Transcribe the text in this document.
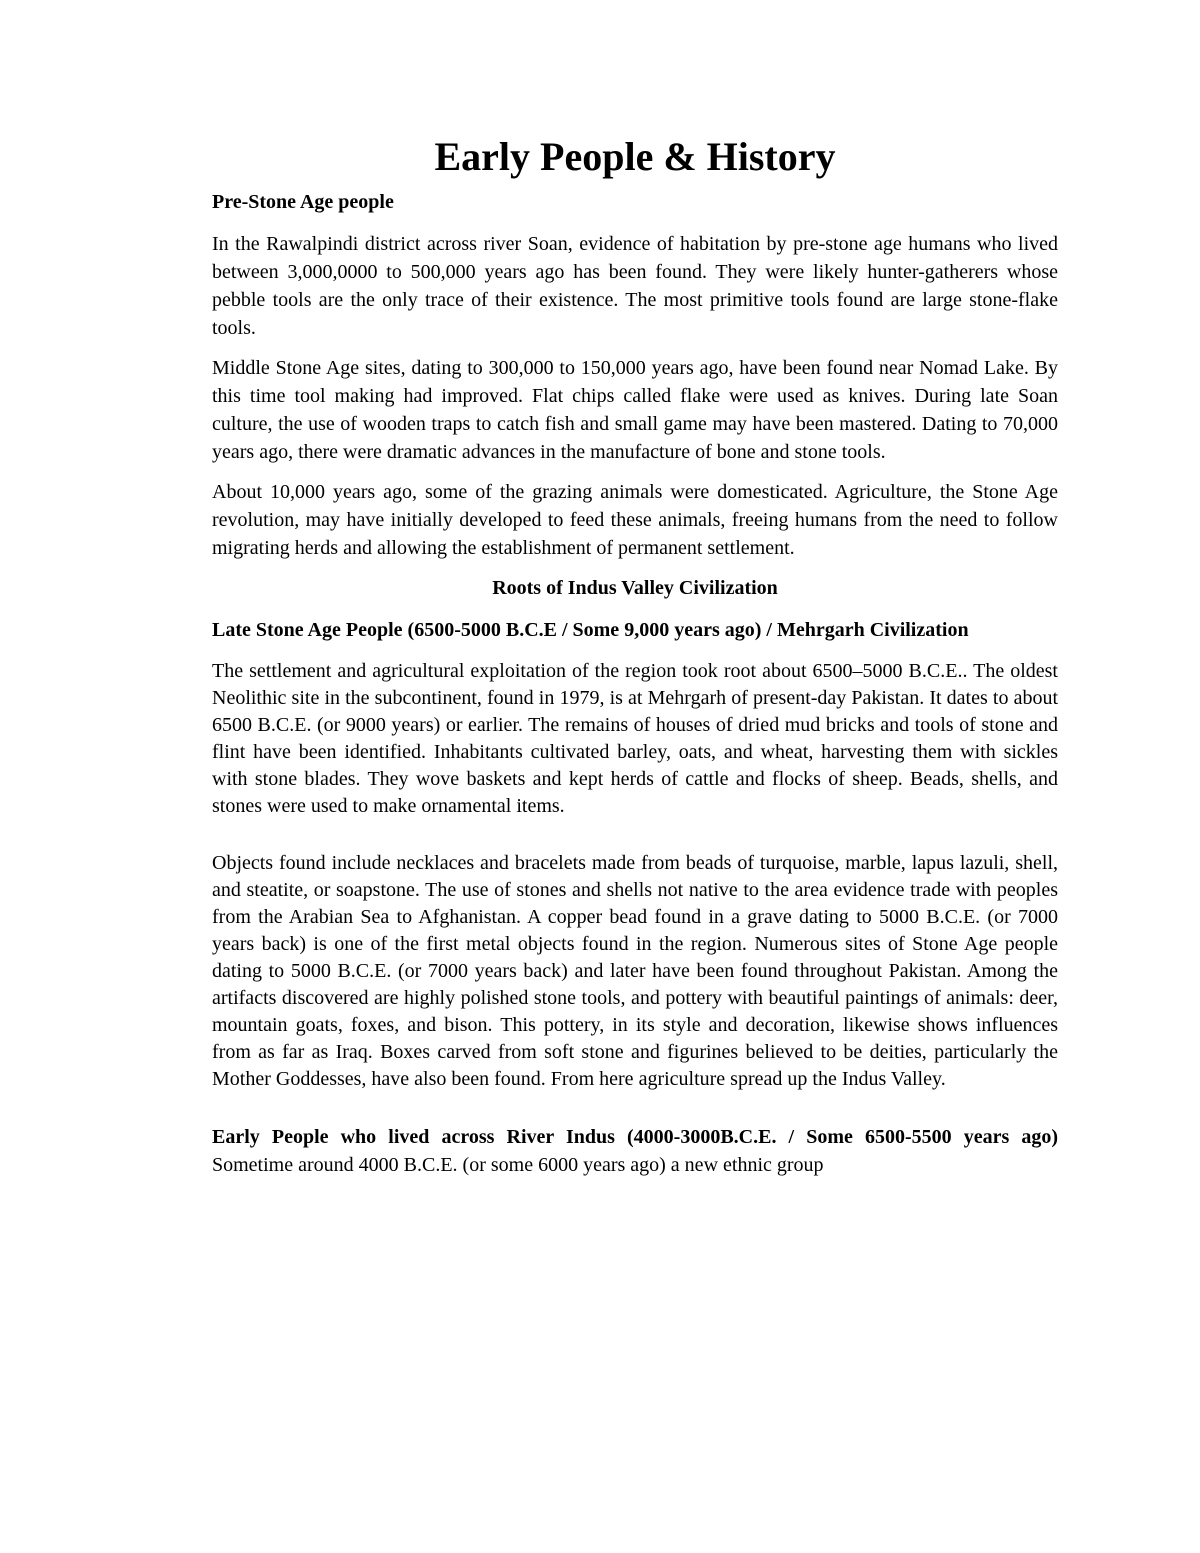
Early People & History
Pre-Stone Age people

In the Rawalpindi district across river Soan, evidence of habitation by pre-stone age humans who lived between 3,000,0000 to 500,000 years ago has been found. They were likely hunter-gatherers whose pebble tools are the only trace of their existence. The most primitive tools found are large stone-flake tools.

Middle Stone Age sites, dating to 300,000 to 150,000 years ago, have been found near Nomad Lake. By this time tool making had improved. Flat chips called flake were used as knives. During late Soan culture, the use of wooden traps to catch fish and small game may have been mastered. Dating to 70,000 years ago, there were dramatic advances in the manufacture of bone and stone tools.

About 10,000 years ago, some of the grazing animals were domesticated. Agriculture, the Stone Age revolution, may have initially developed to feed these animals, freeing humans from the need to follow migrating herds and allowing the establishment of permanent settlement.

Roots of Indus Valley Civilization
Late Stone Age People (6500-5000 B.C.E / Some 9,000 years ago) / Mehrgarh Civilization

The settlement and agricultural exploitation of the region took root about 6500–5000 B.C.E.. The oldest Neolithic site in the subcontinent, found in 1979, is at Mehrgarh of present-day Pakistan. It dates to about 6500 B.C.E. (or 9000 years) or earlier. The remains of houses of dried mud bricks and tools of stone and flint have been identified. Inhabitants cultivated barley, oats, and wheat, harvesting them with sickles with stone blades. They wove baskets and kept herds of cattle and flocks of sheep. Beads, shells, and stones were used to make ornamental items.

Objects found include necklaces and bracelets made from beads of turquoise, marble, lapus lazuli, shell, and steatite, or soapstone. The use of stones and shells not native to the area evidence trade with peoples from the Arabian Sea to Afghanistan. A copper bead found in a grave dating to 5000 B.C.E. (or 7000 years back) is one of the first metal objects found in the region. Numerous sites of Stone Age people dating to 5000 B.C.E. (or 7000 years back) and later have been found throughout Pakistan. Among the artifacts discovered are highly polished stone tools, and pottery with beautiful paintings of animals: deer, mountain goats, foxes, and bison. This pottery, in its style and decoration, likewise shows influences from as far as Iraq. Boxes carved from soft stone and figurines believed to be deities, particularly the Mother Goddesses, have also been found. From here agriculture spread up the Indus Valley.

Early People who lived across River Indus (4000-3000B.C.E. / Some 6500-5500 years ago) Sometime around 4000 B.C.E. (or some 6000 years ago) a new ethnic group
